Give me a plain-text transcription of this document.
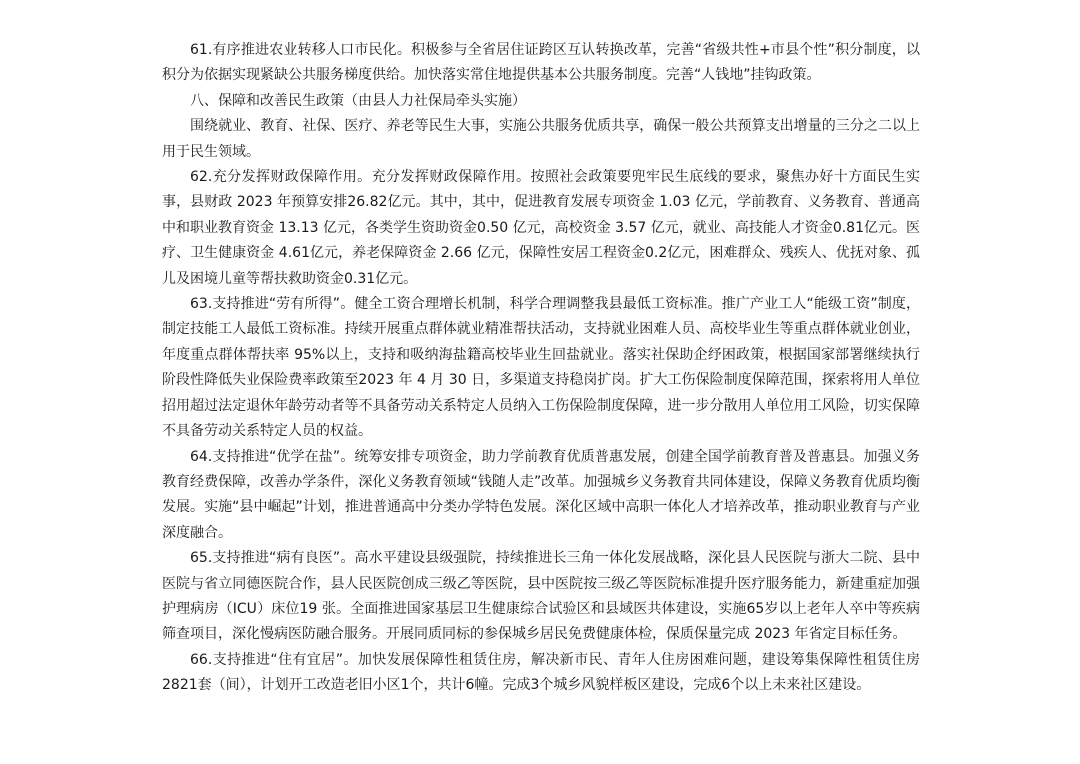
61.有序推进农业转移人口市民化。积极参与全省居住证跨区互认转换改革，完善“省级共性+市县个性”积分制度，以积分为依据实现紧缺公共服务梯度供给。加快落实常住地提供基本公共服务制度。完善“人钱地”挂钩政策。

八、保障和改善民生政策（由县人力社保局牵头实施）

围绕就业、教育、社保、医疗、养老等民生大事，实施公共服务优质共享，确保一般公共预算支出增量的三分之二以上用于民生领域。

62.充分发挥财政保障作用。充分发挥财政保障作用。按照社会政策要兜牢民生底线的要求，聚焦办好十方面民生实事，县财政 2023 年预算安排26.82亿元。其中，其中，促进教育发展专项资金 1.03 亿元，学前教育、义务教育、普通高中和职业教育资金 13.13 亿元，各类学生资助资金0.50 亿元，高校资金 3.57 亿元，就业、高技能人才资金0.81亿元。医疗、卫生健康资金 4.61亿元，养老保障资金 2.66 亿元，保障性安居工程资金0.2亿元，困难群众、残疾人、优抚对象、孤儿及困境儿童等帮扶救助资金0.31亿元。

63.支持推进“劳有所得”。健全工资合理增长机制，科学合理调整我县最低工资标准。推广产业工人“能级工资”制度，制定技能工人最低工资标准。持续开展重点群体就业精准帮扶活动，支持就业困难人员、高校毕业生等重点群体就业创业，年度重点群体帮扶率 95%以上，支持和吸纳海盐籍高校毕业生回盐就业。落实社保助企纾困政策，根据国家部署继续执行阶段性降低失业保险费率政策至2023 年 4 月 30 日，多渠道支持稳岗扩岗。扩大工伤保险制度保障范围，探索将用人单位招用超过法定退休年龄劳动者等不具备劳动关系特定人员纳入工伤保险制度保障，进一步分散用人单位用工风险，切实保障不具备劳动关系特定人员的权益。

64.支持推进“优学在盐”。统筹安排专项资金，助力学前教育优质普惠发展，创建全国学前教育普及普惠县。加强义务教育经费保障，改善办学条件，深化义务教育领域“钱随人走”改革。加强城乡义务教育共同体建设，保障义务教育优质均衡发展。实施“县中崛起”计划，推进普通高中分类办学特色发展。深化区域中高职一体化人才培养改革，推动职业教育与产业深度融合。

65.支持推进“病有良医”。高水平建设县级强院，持续推进长三角一体化发展战略，深化县人民医院与浙大二院、县中医院与省立同德医院合作，县人民医院创成三级乙等医院，县中医院按三级乙等医院标准提升医疗服务能力，新建重症加强护理病房（ICU）床位19 张。全面推进国家基层卫生健康综合试验区和县域医共体建设，实施65岁以上老年人卒中等疾病筛查项目，深化慢病医防融合服务。开展同质同标的参保城乡居民免费健康体检，保质保量完成 2023 年省定目标任务。

66.支持推进“住有宜居”。加快发展保障性租赁住房，解决新市民、青年人住房困难问题，建设筹集保障性租赁住房2821套（间），计划开工改造老旧小区1个，共计6幢。完成3个城乡风貌样板区建设，完成6个以上未来社区建设。
